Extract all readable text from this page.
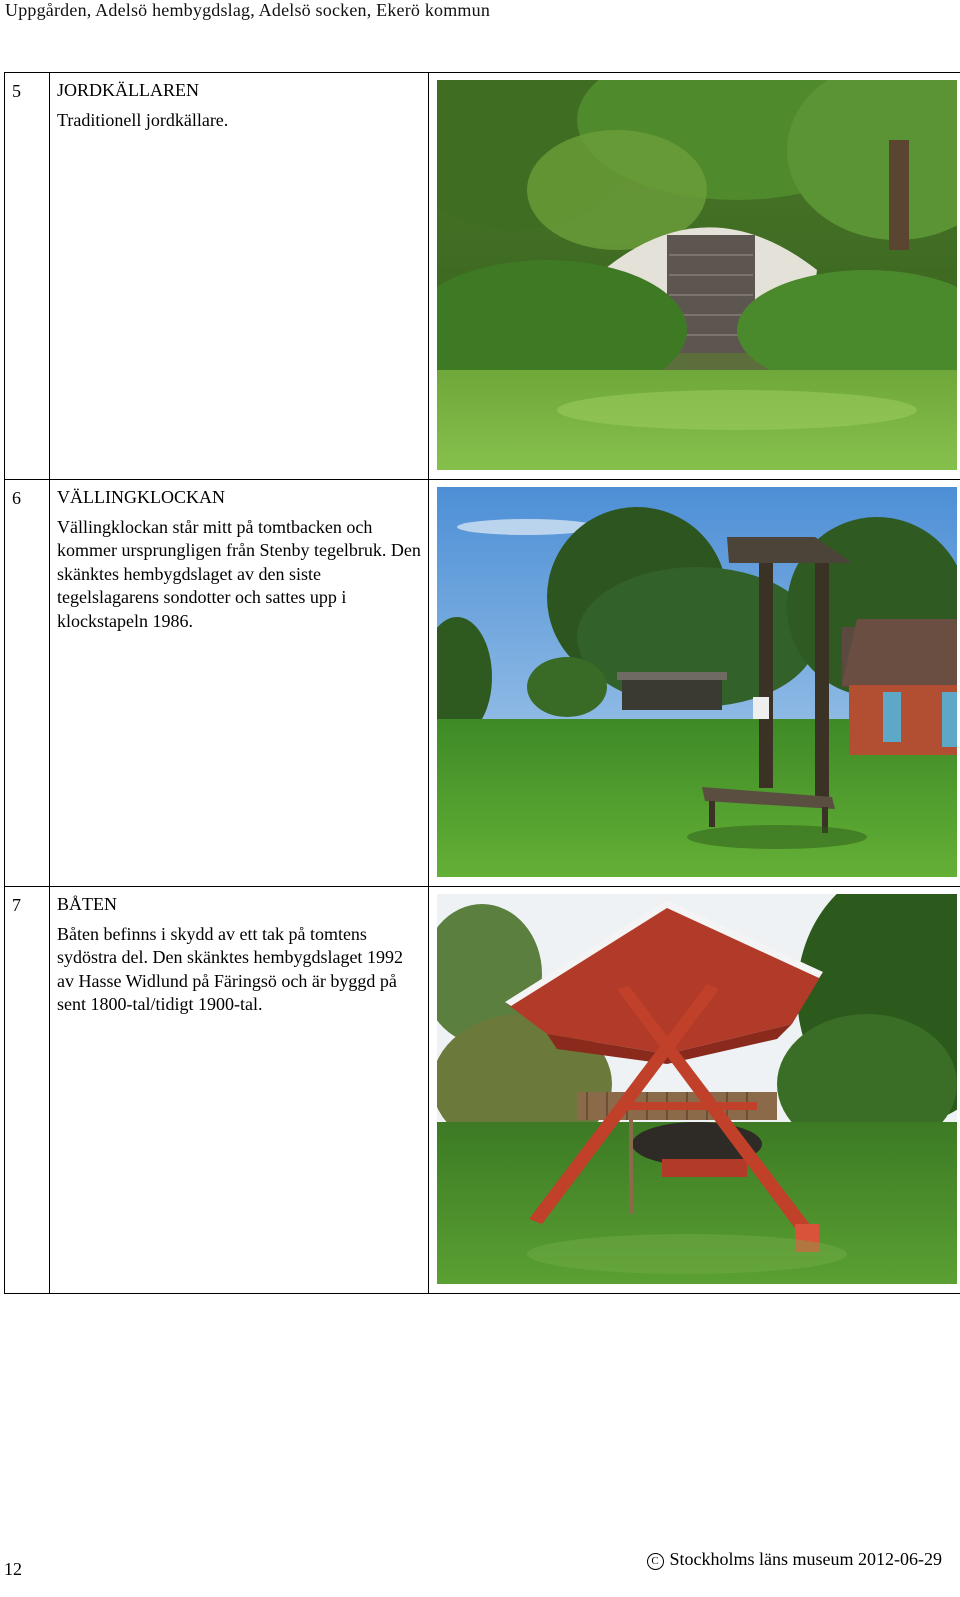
Uppgården, Adelsö hembygdslag, Adelsö socken, Ekerö kommun
5	JORDKÄLLAREN
Traditionell jordkällare.

6	VÄLLINGKLOCKAN
Vällingklockan står mitt på tomtbacken och kommer ursprungligen från Stenby tegelbruk. Den skänktes hembygdslaget av den siste tegelslagarens sondotter och sattes upp i klockstapeln 1986.

7	BÅTEN
Båten befinns i skydd av ett tak på tomtens sydöstra del. Den skänktes hembygdslaget 1992 av Hasse Widlund på Färingsö och är byggd på sent 1800-tal/tidigt 1900-tal.

12	C Stockholms läns museum 2012-06-29
